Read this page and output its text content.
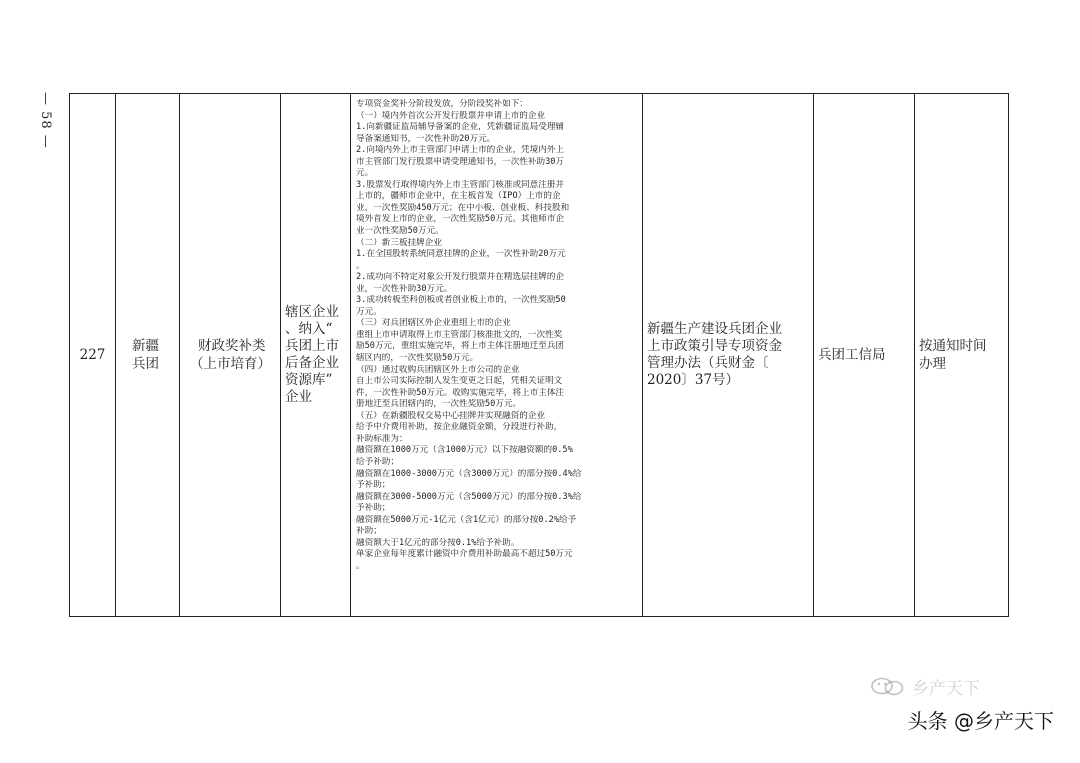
— 58 —
227

新疆
兵团

财政奖补类
（上市培育）

辖区企业
、纳入“
兵团上市
后备企业
资源库”
企业

专项资金奖补分阶段发放，分阶段奖补如下：
（一）境内外首次公开发行股票并申请上市的企业
1.向新疆证监局辅导备案的企业，凭新疆证监局受理辅
导备案通知书，一次性补助20万元。
2.向境内外上市主管部门申请上市的企业，凭境内外上
市主管部门发行股票申请受理通知书，一次性补助30万
元。
3.股票发行取得境内外上市主管部门核准或同意注册并
上市的，疆师市企业中，在主板首发（IPO）上市的企
业，一次性奖励450万元；在中小板、创业板、科技股和
境外首发上市的企业，一次性奖励50万元。其他师市企
业一次性奖励50万元。
（二）新三板挂牌企业
1.在全国股转系统同意挂牌的企业，一次性补助20万元
。
2.成功向不特定对象公开发行股票并在精选层挂牌的企
业，一次性补助30万元。
3.成功转板至科创板或者创业板上市的，一次性奖励50
万元。
（三）对兵团辖区外企业重组上市的企业
重组上市申请取得上市主管部门核准批文的，一次性奖
励50万元，重组实施完毕，将上市主体注册地迁至兵团
辖区内的，一次性奖励50万元。
（四）通过收购兵团辖区外上市公司的企业
自上市公司实际控制人发生变更之日起，凭相关证明文
件，一次性补助50万元。收购实施完毕，将上市主体注
册地迁至兵团辖内的，一次性奖励50万元。
（五）在新疆股权交易中心挂牌并实现融资的企业
给予中介费用补助，按企业融资金额，分段进行补助，
补助标准为：
融资额在1000万元（含1000万元）以下按融资额的0.5%
给予补助；
融资额在1000-3000万元（含3000万元）的部分按0.4%给
予补助；
融资额在3000-5000万元（含5000万元）的部分按0.3%给
予补助；
融资额在5000万元-1亿元（含1亿元）的部分按0.2%给予
补助；
融资额大于1亿元的部分按0.1%给予补助。
单家企业每年度累计融资中介费用补助最高不超过50万元
。

新疆生产建设兵团企业
上市政策引导专项资金
管理办法（兵财金〔
2020〕37号）

兵团工信局

按通知时间
办理
乡产天下
头条 @乡产天下
